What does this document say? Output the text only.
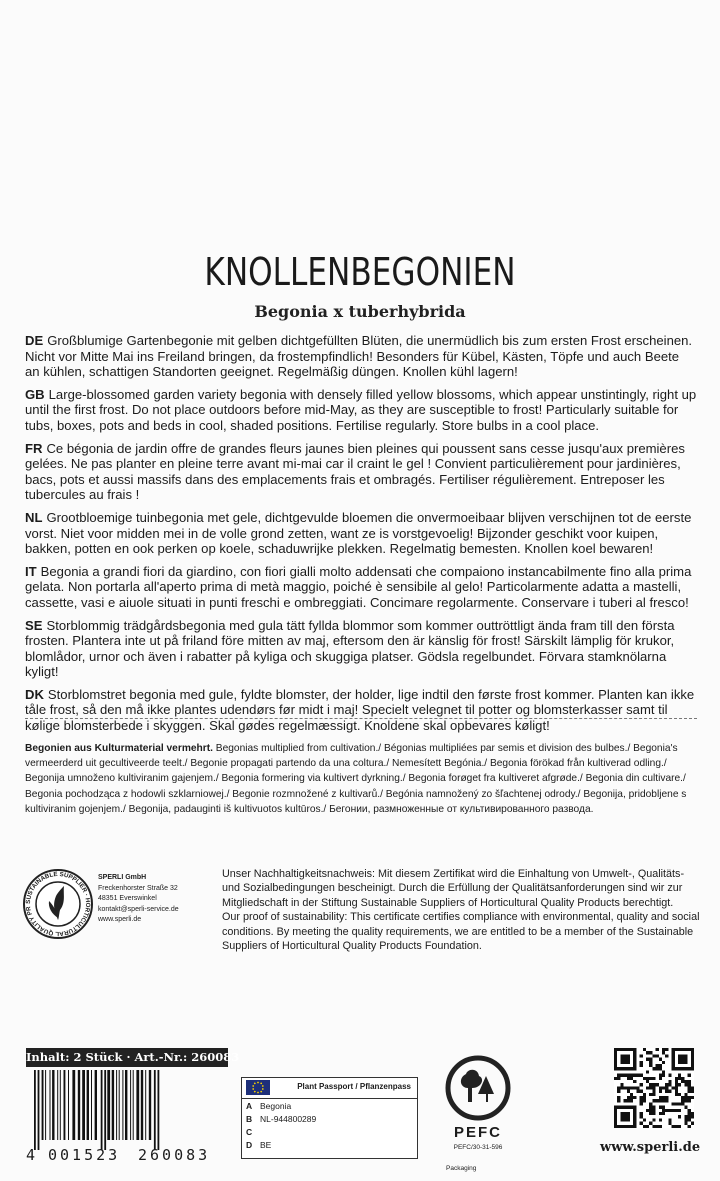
KNOLLENBEGONIEN
Begonia x tuberhybrida

DE Großblumige Gartenbegonie mit gelben dichtgefüllten Blüten, die unermüdlich bis zum ersten Frost erscheinen. Nicht vor Mitte Mai ins Freiland bringen, da frostempfindlich! Besonders für Kübel, Kästen, Töpfe und auch Beete an kühlen, schattigen Standorten geeignet. Regelmäßig düngen. Knollen kühl lagern!

GB Large-blossomed garden variety begonia with densely filled yellow blossoms, which appear unstintingly, right up until the first frost. Do not place outdoors before mid-May, as they are susceptible to frost! Particularly suitable for tubs, boxes, pots and beds in cool, shaded positions. Fertilise regularly. Store bulbs in a cool place.

FR Ce bégonia de jardin offre de grandes fleurs jaunes bien pleines qui poussent sans cesse jusqu'aux premières gelées. Ne pas planter en pleine terre avant mi-mai car il craint le gel ! Convient particulièrement pour jardinières, bacs, pots et aussi massifs dans des emplacements frais et ombragés. Fertiliser régulièrement. Entreposer les tubercules au frais !

NL Grootbloemige tuinbegonia met gele, dichtgevulde bloemen die onvermoeibaar blijven verschijnen tot de eerste vorst. Niet voor midden mei in de volle grond zetten, want ze is vorstgevoelig! Bijzonder geschikt voor kuipen, bakken, potten en ook perken op koele, schaduwrijke plekken. Regelmatig bemesten. Knollen koel bewaren!

IT Begonia a grandi fiori da giardino, con fiori gialli molto addensati che compaiono instancabilmente fino alla prima gelata. Non portarla all'aperto prima di metà maggio, poiché è sensibile al gelo! Particolarmente adatta a mastelli, cassette, vasi e aiuole situati in punti freschi e ombreggiati. Concimare regolarmente. Conservare i tuberi al fresco!

SE Storblommig trädgårdsbegonia med gula tätt fyllda blommor som kommer outtröttligt ända fram till den första frosten. Plantera inte ut på friland före mitten av maj, eftersom den är känslig för frost! Särskilt lämplig för krukor, blomlådor, urnor och även i rabatter på kyliga och skuggiga platser. Gödsla regelbundet. Förvara stamknölarna kyligt!

DK Storblomstret begonia med gule, fyldte blomster, der holder, lige indtil den første frost kommer. Planten kan ikke tåle frost, så den må ikke plantes udendørs før midt i maj! Specielt velegnet til potter og blomsterkasser samt til kølige blomsterbede i skyggen. Skal gødes regelmæssigt. Knoldene skal opbevares køligt!

Begonien aus Kulturmaterial vermehrt. Begonias multiplied from cultivation./ Bégonias multipliées par semis et division des bulbes./ Begonia's vermeerderd uit gecultiveerde teelt./ Begonie propagati partendo da una coltura./ Nemesített Begónia./ Begonia förökad från kultiverad odling./ Begonija umnoženo kultiviranim gajenjem./ Begonia formering via kultivert dyrkning./ Begonia forøget fra kultiveret afgrøde./ Begonia din cultivare./ Begonia pochodząca z hodowli szklarniowej./ Begonie rozmnožené z kultivarů./ Begónia namnožený zo šľachtenej odrody./ Begonija, pridobljene s kultiviranim gojenjem./ Begonija, padauginti iš kultivuotos kultūros./ Бегонии, размноженные от культивированного развода.
SUSTAINABLE SUPPLIER · HORTICULTURAL QUALITY PR
SPERLI GmbH
Freckenhorster Straße 32
48351 Everswinkel
kontakt@sperli-service.de
www.sperli.de

Unser Nachhaltigkeitsnachweis: Mit diesem Zertifikat wird die Einhaltung von Umwelt-, Qualitäts- und Sozialbedingungen bescheinigt. Durch die Erfüllung der Qualitätsanforderungen sind wir zur Mitgliedschaft in der Stiftung Sustainable Suppliers of Horticultural Quality Products berechtigt.

Our proof of sustainability: This certificate certifies compliance with environmental, quality and social conditions. By meeting the quality requirements, we are entitled to be a member of the Sustainable Suppliers of Horticultural Quality Products Foundation.

Inhalt: 2 Stück · Art.-Nr.: 260083
4 001523 260083
Plant Passport / Pflanzenpass
A Begonia
B NL-944800289
C
D BE
PEFC
PEFC/30-31-596
Packaging
www.sperli.de
